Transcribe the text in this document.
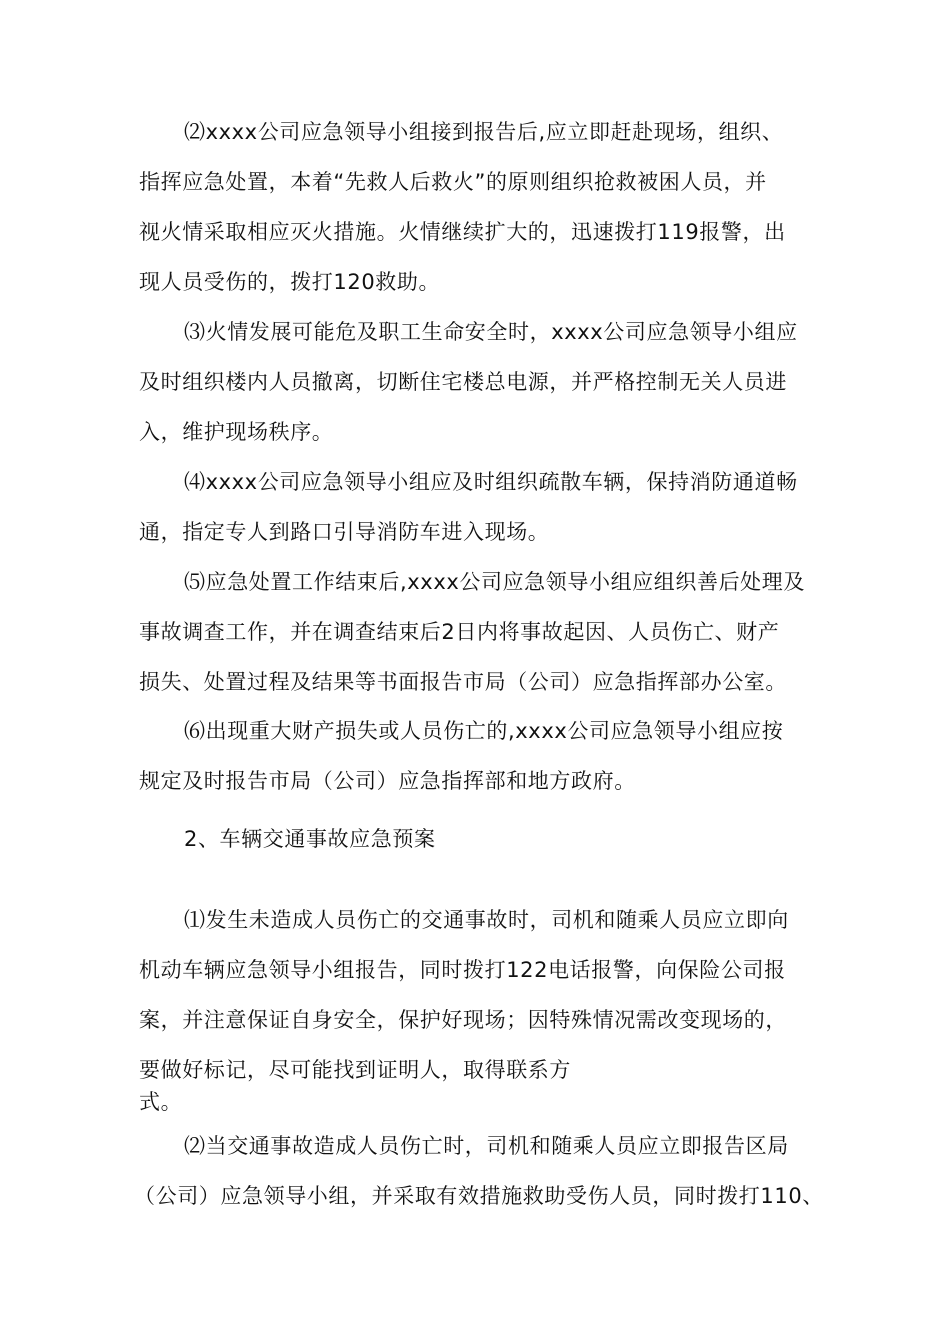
⑵xxxx公司应急领导小组接到报告后,应立即赶赴现场，组织、
指挥应急处置，本着“先救人后救火”的原则组织抢救被困人员，并
视火情采取相应灭火措施。火情继续扩大的，迅速拨打119报警，出
现人员受伤的，拨打120救助。
⑶火情发展可能危及职工生命安全时，xxxx公司应急领导小组应
及时组织楼内人员撤离，切断住宅楼总电源，并严格控制无关人员进
入，维护现场秩序。
⑷xxxx公司应急领导小组应及时组织疏散车辆，保持消防通道畅
通，指定专人到路口引导消防车进入现场。
⑸应急处置工作结束后,xxxx公司应急领导小组应组织善后处理及
事故调查工作，并在调查结束后2日内将事故起因、人员伤亡、财产
损失、处置过程及结果等书面报告市局（公司）应急指挥部办公室。
⑹出现重大财产损失或人员伤亡的,xxxx公司应急领导小组应按
规定及时报告市局（公司）应急指挥部和地方政府。
2、车辆交通事故应急预案
⑴发生未造成人员伤亡的交通事故时，司机和随乘人员应立即向
机动车辆应急领导小组报告，同时拨打122电话报警，向保险公司报
案，并注意保证自身安全，保护好现场；因特殊情况需改变现场的，
要做好标记，尽可能找到证明人，取得联系方
式。
⑵当交通事故造成人员伤亡时，司机和随乘人员应立即报告区局
（公司）应急领导小组，并采取有效措施救助受伤人员，同时拨打110、
